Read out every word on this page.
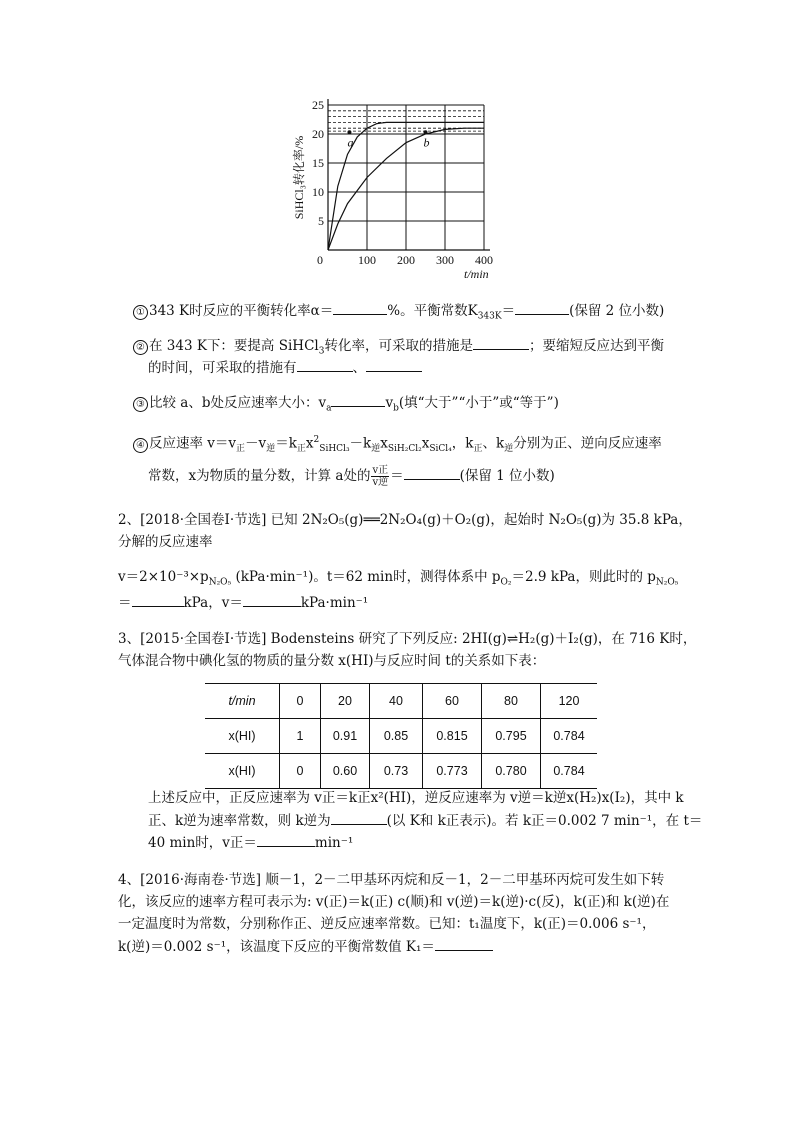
0	100 200 300 400
5
10
15
20
25
t/min
SiHCl₃转化率/%	a	b
① 343 K时反应的平衡转化率α＝	%。平衡常数$K_{343K}=$	(保留 2 位小数)
② 在 343 K下：要提高 SiHCl$_3$转化率，可采取的措施是	；要缩短反应达到平衡
的时间，可采取的措施有	、
③ 比较 a、b处反应速率大小：$v_a$	$v_b$(填“大于”“小于”或“等于”)
④ 反应速率 $v=v_正-v_逆=k_正x^2_{SiHCl_3}-k_逆x_{SiH_2Cl_2}x_{SiCl_4}$，$k_正$、$k_逆$分别为正、逆向反应速率
常数，x为物质的量分数，计算 a处的 $\frac{\text{v正}}{\text{v逆}}$ ＝	(保留 1 位小数)
2、[2018·全国卷Ⅰ·节选] 已知 2N₂O₅(g)══2N₂O₄(g)＋O₂(g)，起始时 N₂O₅(g)为 35.8 kPa，
分解的反应速率
$v=2\times 10^{-3}\times p_{N_2O_5}$ (kPa·min⁻¹)。t＝62 min时，测得体系中 $p_{O_2}=2.9$ kPa，则此时的 $p_{N_2O_5}$
＝	kPa，v＝	kPa·min⁻¹
3、[2015·全国卷Ⅰ·节选] Bodensteins 研究了下列反应: 2HI(g)⇌H₂(g)＋I₂(g)，在 716 K时，
气体混合物中碘化氢的物质的量分数 x(HI)与反应时间 t的关系如下表：
t/min	0	20	40	60	80	120
x(HI)	1	0.91	0.85	0.815	0.795	0.784
x(HI)	0	0.60	0.73	0.773	0.780	0.784
上述反应中，正反应速率为 v正＝k正x²(HI)，逆反应速率为 v逆＝k逆x(H₂)x(I₂)，其中 k
正、k逆为速率常数，则 k逆为	(以 K和 k正表示)。若 k正＝0.002 7 min⁻¹，在 t＝
40 min时，v正＝	min⁻¹
4、[2016·海南卷·节选] 顺－1，2－二甲基环丙烷和反－1，2－二甲基环丙烷可发生如下转
化，该反应的速率方程可表示为: v(正)＝k(正) c(顺)和 v(逆)＝k(逆)·c(反)，k(正)和 k(逆)在
一定温度时为常数，分别称作正、逆反应速率常数。已知：t₁温度下，k(正)＝0.006 s⁻¹，
k(逆)＝0.002 s⁻¹，该温度下反应的平衡常数值 K₁＝
